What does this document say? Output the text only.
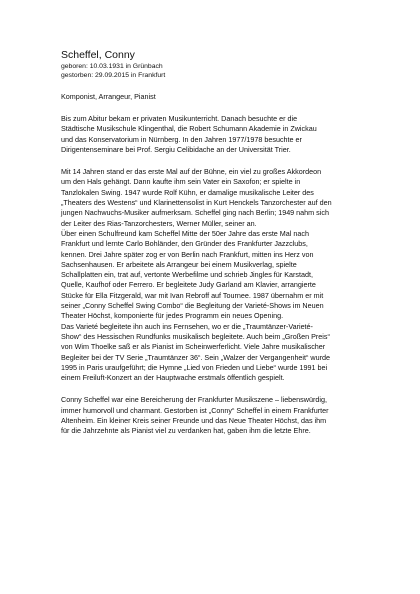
Scheffel, Conny

geboren: 10.03.1931 in Grünbach

gestorben: 29.09.2015 in Frankfurt

Komponist, Arrangeur, Pianist

Bis zum Abitur bekam er privaten Musikunterricht. Danach besuchte er die
Städtische Musikschule Klingenthal, die Robert Schumann Akademie in Zwickau
und das Konservatorium in Nürnberg. In den Jahren 1977/1978 besuchte er
Dirigentenseminare bei Prof. Sergiu Celibidache an der Universität Trier.

Mit 14 Jahren stand er das erste Mal auf der Bühne, ein viel zu großes Akkordeon
um den Hals gehängt. Dann kaufte ihm sein Vater ein Saxofon; er spielte in
Tanzlokalen Swing. 1947 wurde Rolf Kühn, er damalige musikalische Leiter des
„Theaters des Westens“ und Klarinettensolist in Kurt Henckels Tanzorchester auf den
jungen Nachwuchs-Musiker aufmerksam. Scheffel ging nach Berlin; 1949 nahm sich
der Leiter des Rias-Tanzorchesters, Werner Müller, seiner an.
Über einen Schulfreund kam Scheffel Mitte der 50er Jahre das erste Mal nach
Frankfurt und lernte Carlo Bohländer, den Gründer des Frankfurter Jazzclubs,
kennen. Drei Jahre später zog er von Berlin nach Frankfurt, mitten ins Herz von
Sachsenhausen. Er arbeitete als Arrangeur bei einem Musikverlag, spielte
Schallplatten ein, trat auf, vertonte Werbefilme und schrieb Jingles für Karstadt,
Quelle, Kaufhof oder Ferrero. Er begleitete Judy Garland am Klavier, arrangierte
Stücke für Ella Fitzgerald, war mit Ivan Rebroff auf Tournee. 1987 übernahm er mit
seiner „Conny Scheffel Swing Combo“ die Begleitung der Varieté-Shows im Neuen
Theater Höchst, komponierte für jedes Programm ein neues Opening.
Das Varieté begleitete ihn auch ins Fernsehen, wo er die „Traumtänzer-Varieté-
Show“ des Hessischen Rundfunks musikalisch begleitete. Auch beim „Großen Preis“
von Wim Thoelke saß er als Pianist im Scheinwerferlicht. Viele Jahre musikalischer
Begleiter bei der TV Serie „Traumtänzer 36“. Sein „Walzer der Vergangenheit“ wurde
1995 in Paris uraufgeführt; die Hymne „Lied von Frieden und Liebe“ wurde 1991 bei
einem Freiluft-Konzert an der Hauptwache erstmals öffentlich gespielt.

Conny Scheffel war eine Bereicherung der Frankfurter Musikszene – liebenswürdig,
immer humorvoll und charmant. Gestorben ist „Conny“ Scheffel in einem Frankfurter
Altenheim. Ein kleiner Kreis seiner Freunde und das Neue Theater Höchst, das ihm
für die Jahrzehnte als Pianist viel zu verdanken hat, gaben ihm die letzte Ehre.
